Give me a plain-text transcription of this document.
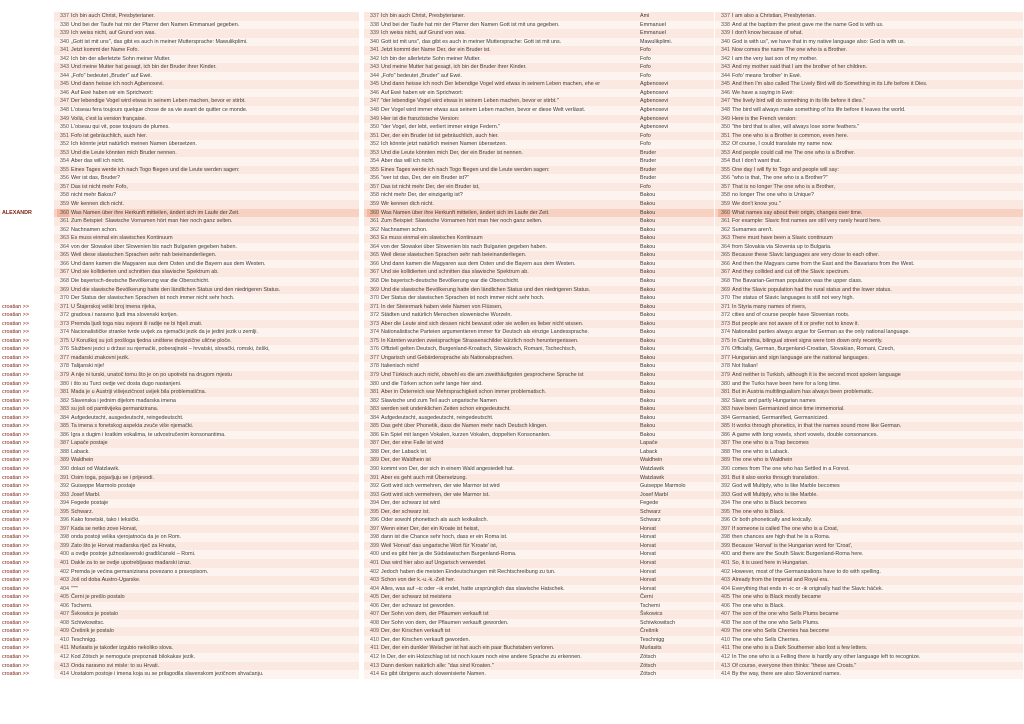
337 Ich bin auch Christ, Presbyterianer.	337 Ich bin auch Christ, Presbyterianer.	Ami	337 I am also a Christian, Presbyterian.
338 Und bei der Taufe hat mir der Pfarrer den Namen Emmanuel gegeben.	338 Und bei der Taufe hat mir der Pfarrer den Namen Gott ist mit uns gegeben.	Emmanuel	338 And at the baptism the priest gave me the name God is with us.
339 Ich weiss nicht, auf Grund von was.	339 Ich weiss nicht, auf Grund von was.	Emmanuel	339 I don't know because of what.
340 „Gott ist mit uns", das gibt es auch in meiner Muttersprache: Mawulikplimi.	340 Gott ist mit uns", das gibt es auch in meiner Muttersprache: Gott ist mit uns.	Mawulikplimi.	340 God is with us", we have that in my native language also: God is with us.
341 Jetzt kommt der Name Fofo.	341 Jetzt kommt der Name Der, der ein Bruder ist.	Fofo	341 Now comes the name The one who is a Brother.
342 Ich bin der allerletzte Sohn meiner Mutter.	342 Ich bin der allerletzte Sohn meiner Mutter.	Fofo	342 I am the very last son of my mother.
343 Und meine Mutter hat gesagt, ich bin der Bruder ihrer Kinder.	343 Und meine Mutter hat gesagt, ich bin der Bruder ihrer Kinder.	Fofo	343 And my mother said that I am the brother of her children.
344 „Fofo" bedeutet „Bruder" auf Ewé.	344 „Fofo" bedeutet „Bruder" auf Ewé.	Fofo	344 Fofo' means 'brother' in Ewé.
345 Und dann heisse ich noch Agbenoxevi.	345 Und dann heisse ich noch Der lebendige Vogel wird etwas in seinem Leben machen, ehe er	Agbenoxevi	345 And then I'm also called The Lively Bird will do Something in its Life before it Dies.
346 Auf Ewé haben wir ein Sprichwort:	346 Auf Ewé haben wir ein Sprichwort:	Agbenoxevi	346 We have a saying in Ewé:
347 Der lebendige Vogel wird etwas in seinem Leben machen, bevor er stirbt.	347 "der lebendige Vogel wird etwas in seinem Leben machen, bevor er stirbt."	Agbenoxevi	347 "the lively bird will do something in its life before it dies."
348 L'oiseau fera toujours quelque chose de sa vie avant de quitter ce monde.	348 Der Vogel wird immer etwas aus seinem Leben machen, bevor er diese Welt verlässt.	Agbenoxevi	348 The bird will always make something of his life before it leaves the world.
349 Voilà, c'est la version française.	349 Hier ist die französische Version:	Agbenoxevi	349 Here is the French version:
350 L'oiseau qui vit, pose toujours de plumes.	350 "der Vogel, der lebt, verliert immer einige Federn."	Agbenoxevi	350 "the bird that is alive, will always lose some feathers."
351 Fofo ist gebräuchlich, auch hier.	351 Der, der ein Bruder ist ist gebräuchlich, auch hier.	Fofo	351 The one who is a Brother is common, even here.
352 Ich könnte jetzt natürlich meinen Namen übersetzen.	352 Ich könnte jetzt natürlich meinen Namen übersetzen.	Fofo	352 Of course, I could translate my name now.
353 Und die Leute könnten mich Bruder nennen.	353 Und die Leute könnten mich Der, der ein Bruder ist nennen.	Bruder	353 And people could call me The one who is a Brother.
354 Aber das will ich nicht.	354 Aber das will ich nicht.	Bruder	354 But I don't want that.
355 Eines Tages werde ich nach Togo fliegen und die Leute werden sagen:	355 Eines Tages werde ich nach Togo fliegen und die Leute werden sagen:	Bruder	355 One day I will fly to Togo and people will say:
356 Wer ist das, Bruder?	356 "wer ist das, Der, der ein Bruder ist?"	Bruder	356 "who is that, The one who is a Brother?"
357 Das ist nicht mehr Fofo,	357 Das ist nicht mehr Der, der ein Bruder ist,	Fofo	357 That is no longer The one who is a Brother,
358 nicht mehr Bakou?	358 nicht mehr Der, der einzigartig ist?	Bakou	358 no longer The one who is Unique?
359 Wir kennen dich nicht.	359 Wir kennen dich nicht.	Bakou	359 We don't know you."
ALEXANDR	360 Was Namen über ihre Herkunft mitteilen, ändert sich im Laufe der Zeit.	360 Was Namen über ihre Herkunft mitteilen, ändert sich im Laufe der Zeit.	Bakou	360 What names say about their origin, changes over time.
361 Zum Beispiel: Slawische Vornamen hört man hier noch ganz selten.	361 Zum Beispiel: Slawische Vornamen hört man hier noch ganz selten.	Bakou	361 For example: Slavic first names are still very rarely heard here.
362 Nachnamen schon.	362 Nachnamen schon.	Bakou	362 Surnames aren't.
363 Es muss einmal ein slawisches Kontinuum	363 Es muss einmal ein slawisches Kontinuum	Bakou	363 There must have been a Slavic continuum
364 von der Slowakei über Slowenien bis nach Bulgarien gegeben haben.	364 von der Slowakei über Slowenien bis nach Bulgarien gegeben haben.	Bakou	364 from Slovakia via Slovenia up to Bulgaria.
365 Weil diese slawischen Sprachen sehr nah beieinanderliegen.	365 Weil diese slawischen Sprachen sehr nah beieinanderliegen.	Bakou	365 Because these Slavic languages are very close to each other.
366 Und dann kamen die Magyaren aus dem Osten und die Bayern aus dem Westen.	366 Und dann kamen die Magyaren aus dem Osten und die Bayern aus dem Westen.	Bakou	366 And then the Magyars came from the East and the Bavarians from the West.
367 Und sie kollidierten und schnitten das slawische Spektrum ab.	367 Und sie kollidierten und schnitten das slawische Spektrum ab.	Bakou	367 And they collided and cut off the Slavic spectrum.
368 Die bayerisch-deutsche Bevölkerung war die Oberschicht.	368 Die bayerisch-deutsche Bevölkerung war die Oberschicht.	Bakou	368 The Bavarian-German population was the upper class.
369 Und die slawische Bevölkerung hatte den ländlichen Status und den niedrigeren Status.	369 Und die slawische Bevölkerung hatte den ländlichen Status und den niedrigeren Status.	Bakou	369 And the Slavic population had the rural status and the lower status.
370 Der Status der slawischen Sprachen ist noch immer nicht sehr hoch.	370 Der Status der slawischen Sprachen ist noch immer nicht sehr hoch.	Bakou	370 The status of Slavic languages is still not very high.
croatian >>	371 U Štajerskoj veliki broj imena rijeka,	371 In der Steiermark haben viele Namen von Flüssen,	Bakou	371 In Styria many names of rivers,
croatian >>	372 gradova i naravno ljudi ima slovenski korijen.	372 Städten und natürlich Menschen slowenische Wurzeln.	Bakou	372 cities and of course people have Slovenian roots.
croatian >>	373 Premda ljudi toga nisu svjesni ili radije ne bi htjeli znati.	373 Aber die Leute sind sich dessen nicht bewusst oder sie wollen es lieber nicht wissen.	Bakou	373 But people are not aware of it or prefer not to know it.
croatian >>	374 Nacionalističke stranke tvrde uvijek za njemački jezik da je jedini jezik u zemlji.	374 Nationalistische Parteien argumentieren immer für Deutsch als einzige Landessprache.	Bakou	374 Nationalist parties always argue for German as the only national language.
croatian >>	375 U Koruškoj su još prošloga tjedna uništene dvojezične ulične ploče.	375 In Kärnten wurden zweisprachige Strassenschilder kürzlich noch heruntergerissen.	Bakou	375 In Carinthia, bilingual street signs were torn down only recently.
croatian >>	376 Službeni jezici u državi su njemački, poberajinski – hrvatski, slovački, romski, češki,	376 Offiziell gelten Deutsch, Burgenland-Kroatisch, Slowakisch, Romani, Tschechisch,	Bakou	376 Officially, German, Burgenland-Croatian, Slovakian, Romani, Czech,
croatian >>	377 mađarski znakovni jezik.	377 Ungarisch und Gebärdensprache als Nationalsprachen.	Bakou	377 Hungarian and sign language are the national languages.
croatian >>	378 Talijanski nije!	378 Italienisch nicht!	Bakou	378 Not Italian!
croatian >>	379 A nije ni turski, unatoč tomu što je on po upotrebi na drugom mjestu	379 Und Türkisch auch nicht, obwohl es die am zweithäufigsten gesprochene Sprache ist	Bakou	379 And neither is Turkish, although it is the second most spoken language
croatian >>	380 i što su Turci ovdje već dosta dugo nastanjeni.	380 und die Türken schon sehr lange hier sind.	Bakou	380 and the Turks have been here for a long time.
croatian >>	381 Mada je u Austriji višejezičnost uvijek bila problematična.	381 Aber in Österreich war Mehrsprachigkeit schon immer problematisch.	Bakou	381 But in Austria multilingualism has always been problematic.
croatian >>	382 Slavenska i jednim dijelom mađarska imena	382 Slawische und zum Teil auch ungarische Namen	Bakou	382 Slavic and partly Hungarian names
croatian >>	383 su još od pamtivijeka germanizirana.	383 werden seit undenklichen Zeiten schon eingedeutscht.	Bakou	383 have been Germanized since time immemorial.
croatian >>	384 Aufgedeutscht, ausgedeutscht, reingedeutscht.	384 Aufgedeutscht, ausgedeutscht, reingedeutscht.	Bakou	384 Germanied, Germanified, Germanicized.
croatian >>	385 Ta imena s fonetskog aspekta zvuče više njemački.	385 Das geht über Phonetik, dass die Namen mehr nach Deutsch klingen.	Bakou	385 It works through phonetics, in that the names sound more like German.
croatian >>	386 Igra s dugim i kratkim vokalima, te udvostručenim konsonantima.	386 Ein Spiel mit langen Vokalen, kurzen Vokalen, doppelten Konsonanten.	Bakou	386 A game with long vowels, short vowels, double consonances.
croatian >>	387 Lapače postaje	387 Der, der eine Falle ist wird	Lapače	387 The one who is a Trap becomes
croatian >>	388 Laback.	388 Der, der Laback ist.	Laback	388 The one who is Laback.
croatian >>	389 Waldhein	389 Der, der Waldhein ist	Waldhein	389 The one who is Waldhein
croatian >>	390 dolazi od Watzlawik.	390 kommt von Der, der sich in einem Wald angesiedelt hat.	Watzlawik	390 comes from The one who has Settled in a Forest.
croatian >>	391 Osim toga, pojavljuju se i prijevodi.	391 Aber es geht auch mit Übersetzung.	Watzlawik	391 But it also works through translation.
croatian >>	392 Guiseppe Marmolo postaje	392 Gott wird sich vermehren, der wie Marmor ist wird	Guiseppe Marmolo	392 God will Multiply, who is like Marble becomes
croatian >>	393 Josef Marbl.	393 Gott wird sich vermehren, der wie Marmor ist.	Josef Marbl	393 God will Multiply, who is like Marble.
croatian >>	394 Fegede postaje	394 Der, der schwarz ist wird	Fegede	394 The one who is Black becomes
croatian >>	395 Schwarz.	395 Der, der schwarz ist.	Schwarz	395 The one who is Black.
croatian >>	396 Kako fonetski, tako i leksički.	396 Oder sowohl phonetisch als auch lexikalisch.	Schwarz	396 Or both phonetically and lexically.
croatian >>	397 Kada se netko zove Horvat,	397 Wenn einer Der, der ein Kroate ist heisst,	Horvat	397 If someone is called The one who is a Croat,
croatian >>	398 onda postoji velika vjerojatnoća da je on Rom.	398 dann ist die Chance sehr hoch, dass er ein Roma ist.	Horvat	398 then chances are high that he is a Roma.
croatian >>	399 Zato što je Horvat mađarska riječ za Hrvata,	399 Weil 'Horvat' das ungarische Wort für 'Kroate' ist,	Horvat	399 Because 'Horvat' is the Hungarian word for 'Croat',
croatian >>	400 a ovdje postoje južnoslavenski gradišćanski – Romi.	400 und es gibt hier ja die Südslawischen Burgenland-Roma.	Horvat	400 and there are the South Slavic Burgenland-Roma here.
croatian >>	401 Dakle za to se ovdje upotrebljavao mađarski izraz.	401 Das wird hier also auf Ungarisch verwendet.	Horvat	401 So, it is used here in Hungarian.
croatian >>	402 Premda je većina germanizirana povezano s pravopisom.	402 Jedoch haben die meisten Eindeutschungen mit Rechtschreibung zu tun.	Horvat	402 However, most of the Germanizations have to do with spelling.
croatian >>	403 Još od doba Austro-Ugarske.	403 Schon von der k.-u.-k.-Zeit her.	Horvat	403 Already from the Imperial and Royal era.
croatian >>	404 '"'"'	404 Alles, was auf –ic oder –ik endet, hatte ursprünglich das slawische Hatschek.	Horvat	404 Everything that ends in -ic or -ik originally had the Slavic háček.
croatian >>	405 Černi je prešlo postalo	405 Der, der schwarz ist meistens	Černi	405 The one who is Black mostly became
croatian >>	406 Tschemi.	406 Der, der schwarz ist geworden.	Tschemi	406 The one who is Black.
croatian >>	407 Švkowics je postalo	407 Der Sohn von dem, der Pflaumen verkauft ist	Švkowics	407 The son of the one who Sells Plums became
croatian >>	408 Schiwkowitsc.	408 Der Sohn von dem, der Pflaumen verkauft geworden.	Schiwkowitsch	408 The son of the one who Sells Plums.
croatian >>	409 Črešnik je postalo	409 Der, der Kirschen verkauft ist	Črešnik	409 The one who Sells Cherries has become
croatian >>	410 Teschnigg.	410 Der, der Kirschen verkauft geworden.	Teschnigg	410 The one who Sells Cherries.
croatian >>	411 Murlasits je također izgubio nekoliko slova.	411 Der, der ein dunkler Welscher ist hat auch ein paar Buchstaben verloren.	Murlasits	411 The one who is a Dark Southerner also lost a few letters.
croatian >>	412 Kod Zötsch je nemoguće prepoznati bilokakav jezik.	412 In Der, der ein Holzschlag ist ist noch kaum noch eine andere Sprache zu erkennen.	Zötsch	412 In The one who is a Felling there is hardly any other language left to recognize.
croatian >>	413 Onda naravno svi misle: to su Hrvati.	413 Dann denken natürlich alle: "das sind Kroaten."	Zötsch	413 Of course, everyone then thinks: "these are Croats."
croatian >>	414 Uostalom postoje i imena koja su se prilagodila slavenskom jezičnom shvaćanju.	414 Es gibt übrigens auch slowenisierte Namen.	Zötsch	414 By the way, there are also Slovenized names.
